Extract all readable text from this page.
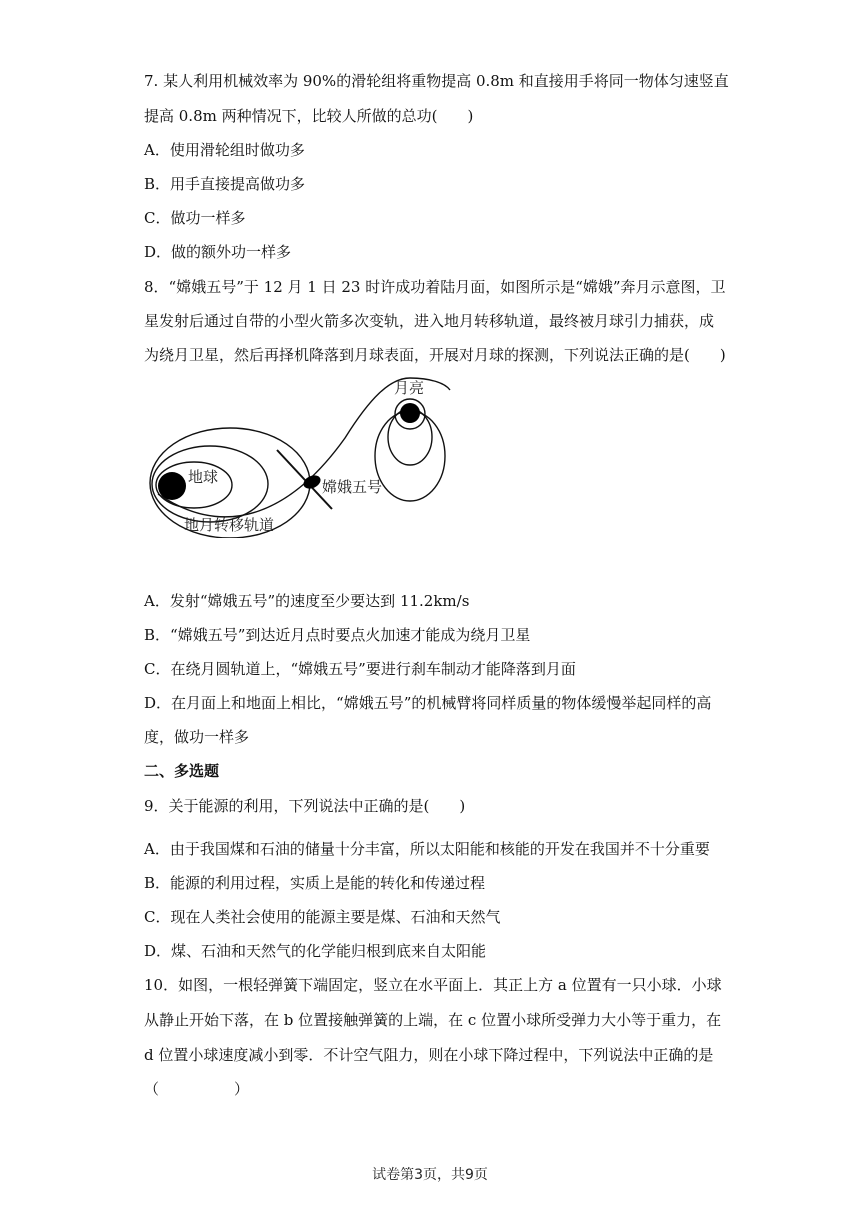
7. 某人利用机械效率为 90%的滑轮组将重物提高 0.8m 和直接用手将同一物体匀速竖直
提高 0.8m 两种情况下，比较人所做的总功(　　)
A．使用滑轮组时做功多
B．用手直接提高做功多
C．做功一样多
D．做的额外功一样多
8．“嫦娥五号”于 12 月 1 日 23 时许成功着陆月面，如图所示是“嫦娥”奔月示意图，卫
星发射后通过自带的小型火箭多次变轨，进入地月转移轨道，最终被月球引力捕获，成
为绕月卫星，然后再择机降落到月球表面，开展对月球的探测，下列说法正确的是(　　)
地球
月亮
嫦娥五号
地月转移轨道
A．发射“嫦娥五号”的速度至少要达到 11.2km/s
B．“嫦娥五号”到达近月点时要点火加速才能成为绕月卫星
C．在绕月圆轨道上，“嫦娥五号”要进行刹车制动才能降落到月面
D．在月面上和地面上相比，“嫦娥五号”的机械臂将同样质量的物体缓慢举起同样的高
度，做功一样多
二、多选题
9．关于能源的利用，下列说法中正确的是(　　)
A．由于我国煤和石油的储量十分丰富，所以太阳能和核能的开发在我国并不十分重要
B．能源的利用过程，实质上是能的转化和传递过程
C．现在人类社会使用的能源主要是煤、石油和天然气
D．煤、石油和天然气的化学能归根到底来自太阳能
10．如图，一根轻弹簧下端固定，竖立在水平面上．其正上方 a 位置有一只小球．小球
从静止开始下落，在 b 位置接触弹簧的上端，在 c 位置小球所受弹力大小等于重力，在
d 位置小球速度减小到零．不计空气阻力，则在小球下降过程中，下列说法中正确的是
（　　　　　）
试卷第3页，共9页
